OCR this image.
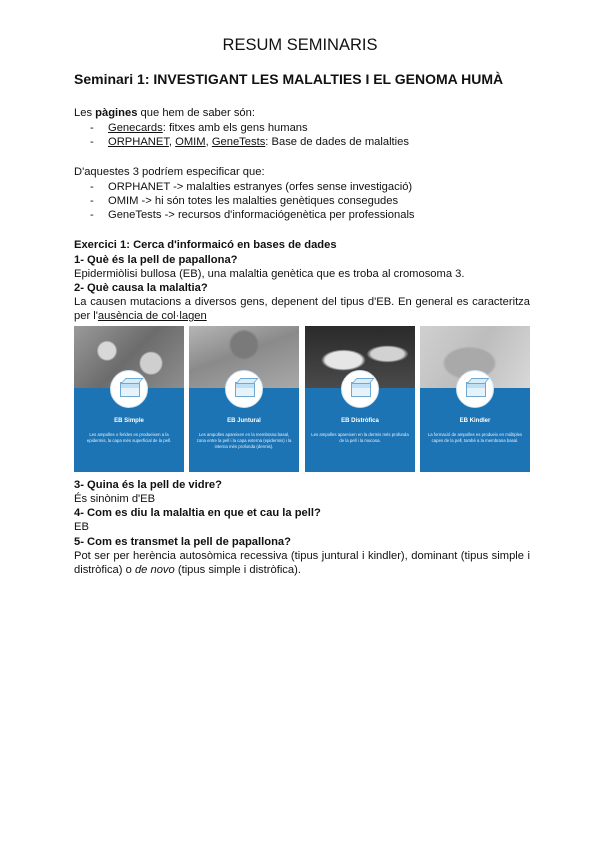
RESUM SEMINARIS
Seminari 1: INVESTIGANT LES MALALTIES I EL GENOMA HUMÀ
Les pàgines que hem de saber són:
- Genecards: fitxes amb els gens humans
- ORPHANET, OMIM, GeneTests: Base de dades de malalties
D'aquestes 3 podríem especificar que:
- ORPHANET -> malalties estranyes (orfes sense investigació)
- OMIM -> hi són totes les malalties genètiques consegudes
- GeneTests -> recursos d'informaciógenètica per professionals
Exercici 1: Cerca d'informaicó en bases de dades
1- Què és la pell de papallona?
Epidermiòlisi bullosa (EB), una malaltia genètica que es troba al cromosoma 3.
2- Què causa la malaltia?
La causen mutacions a diversos gens, depenent del tipus d'EB. En general es caracteritza
per l'ausència de col·lagen
EB Simple
Les ampolles o ferides es produeixen a la epidermis, la capa més superficial de la pell.
EB Juntural
Les ampolles apareixen en la membrana basal, zona entre la pell i la capa externa (epidermis) i la interna més profunda (dermis).
EB Distròfica
Les ampolles apareixen en la dermis més profunda de la pell i la mucosa.
EB Kindler
La formació de ampolles es produeix en múltiples capes de la pell, també a la membrana basal.
3- Quina és la pell de vidre?
És sinònim d'EB
4- Com es diu la malaltia en que et cau la pell?
EB
5- Com es transmet la pell de papallona?
Pot ser per herència autosòmica recessiva (tipus juntural i kindler), dominant (tipus simple i
distròfica) o de novo (tipus simple i distròfica).
